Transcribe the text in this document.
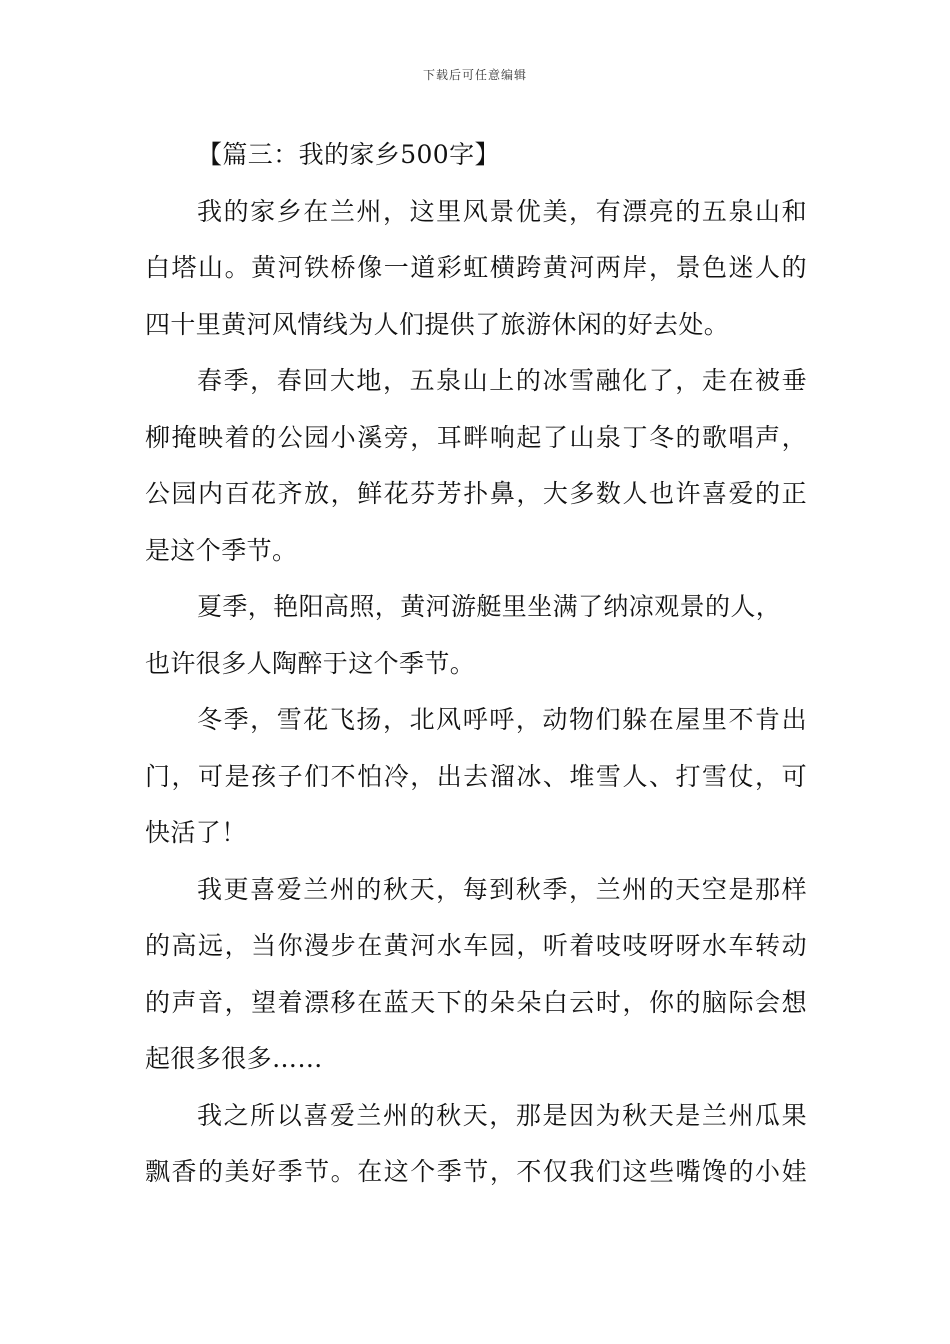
下载后可任意编辑
【篇三：我的家乡500字】
我的家乡在兰州，这里风景优美，有漂亮的五泉山和
白塔山。黄河铁桥像一道彩虹横跨黄河两岸，景色迷人的
四十里黄河风情线为人们提供了旅游休闲的好去处。
春季，春回大地，五泉山上的冰雪融化了，走在被垂
柳掩映着的公园小溪旁，耳畔响起了山泉丁冬的歌唱声，
公园内百花齐放，鲜花芬芳扑鼻，大多数人也许喜爱的正
是这个季节。
夏季，艳阳高照，黄河游艇里坐满了纳凉观景的人，
也许很多人陶醉于这个季节。
冬季，雪花飞扬，北风呼呼，动物们躲在屋里不肯出
门，可是孩子们不怕冷，出去溜冰、堆雪人、打雪仗，可
快活了！
我更喜爱兰州的秋天，每到秋季，兰州的天空是那样
的高远，当你漫步在黄河水车园，听着吱吱呀呀水车转动
的声音，望着漂移在蓝天下的朵朵白云时，你的脑际会想
起很多很多……
我之所以喜爱兰州的秋天，那是因为秋天是兰州瓜果
飘香的美好季节。在这个季节，不仅我们这些嘴馋的小娃
